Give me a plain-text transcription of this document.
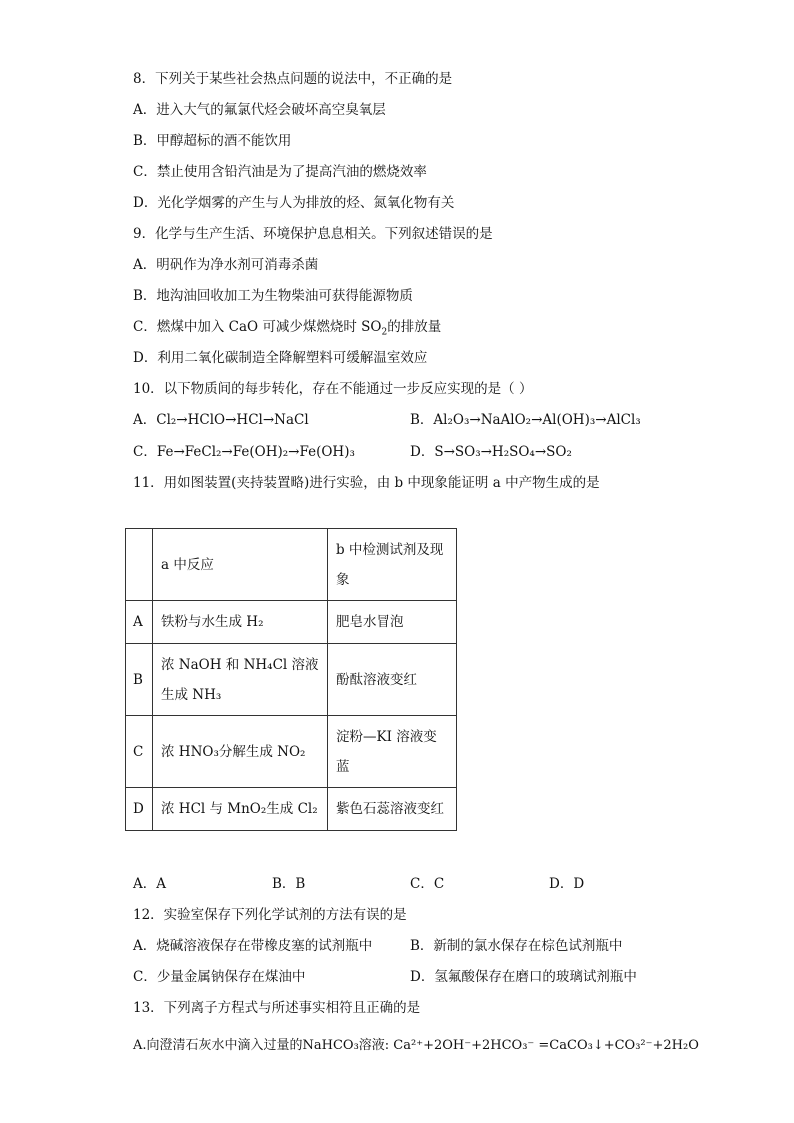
8．下列关于某些社会热点问题的说法中，不正确的是
A．进入大气的氟氯代烃会破坏高空臭氧层
B．甲醇超标的酒不能饮用
C．禁止使用含铅汽油是为了提高汽油的燃烧效率
D．光化学烟雾的产生与人为排放的烃、氮氧化物有关
9．化学与生产生活、环境保护息息相关。下列叙述错误的是
A．明矾作为净水剂可消毒杀菌
B．地沟油回收加工为生物柴油可获得能源物质
C．燃煤中加入 CaO 可减少煤燃烧时 $SO_2$的排放量
D．利用二氧化碳制造全降解塑料可缓解温室效应
10．以下物质间的每步转化，存在不能通过一步反应实现的是（ ）
A．Cl₂→HClO→HCl→NaCl	B．Al₂O₃→NaAlO₂→Al(OH)₃→AlCl₃
C．Fe→FeCl₂→Fe(OH)₂→Fe(OH)₃	D．S→SO₃→H₂SO₄→SO₂
11．用如图装置(夹持装置略)进行实验，由 b 中现象能证明 a 中产物生成的是
	a 中反应	b 中检测试剂及现象
A	铁粉与水生成 H₂	肥皂水冒泡
B	浓 NaOH 和 NH₄Cl 溶液生成 NH₃	酚酞溶液变红
C	浓 HNO₃分解生成 NO₂	淀粉—KI 溶液变蓝
D	浓 HCl 与 MnO₂生成 Cl₂	紫色石蕊溶液变红
A．A	B．B	C．C	D．D
12．实验室保存下列化学试剂的方法有误的是
A．烧碱溶液保存在带橡皮塞的试剂瓶中	B．新制的氯水保存在棕色试剂瓶中
C．少量金属钠保存在煤油中	D．氢氟酸保存在磨口的玻璃试剂瓶中
13．下列离子方程式与所述事实相符且正确的是
A.向澄清石灰水中滴入过量的NaHCO₃溶液: Ca²⁺+2OH⁻+2HCO₃⁻ =CaCO₃↓+CO₃²⁻+2H₂O
